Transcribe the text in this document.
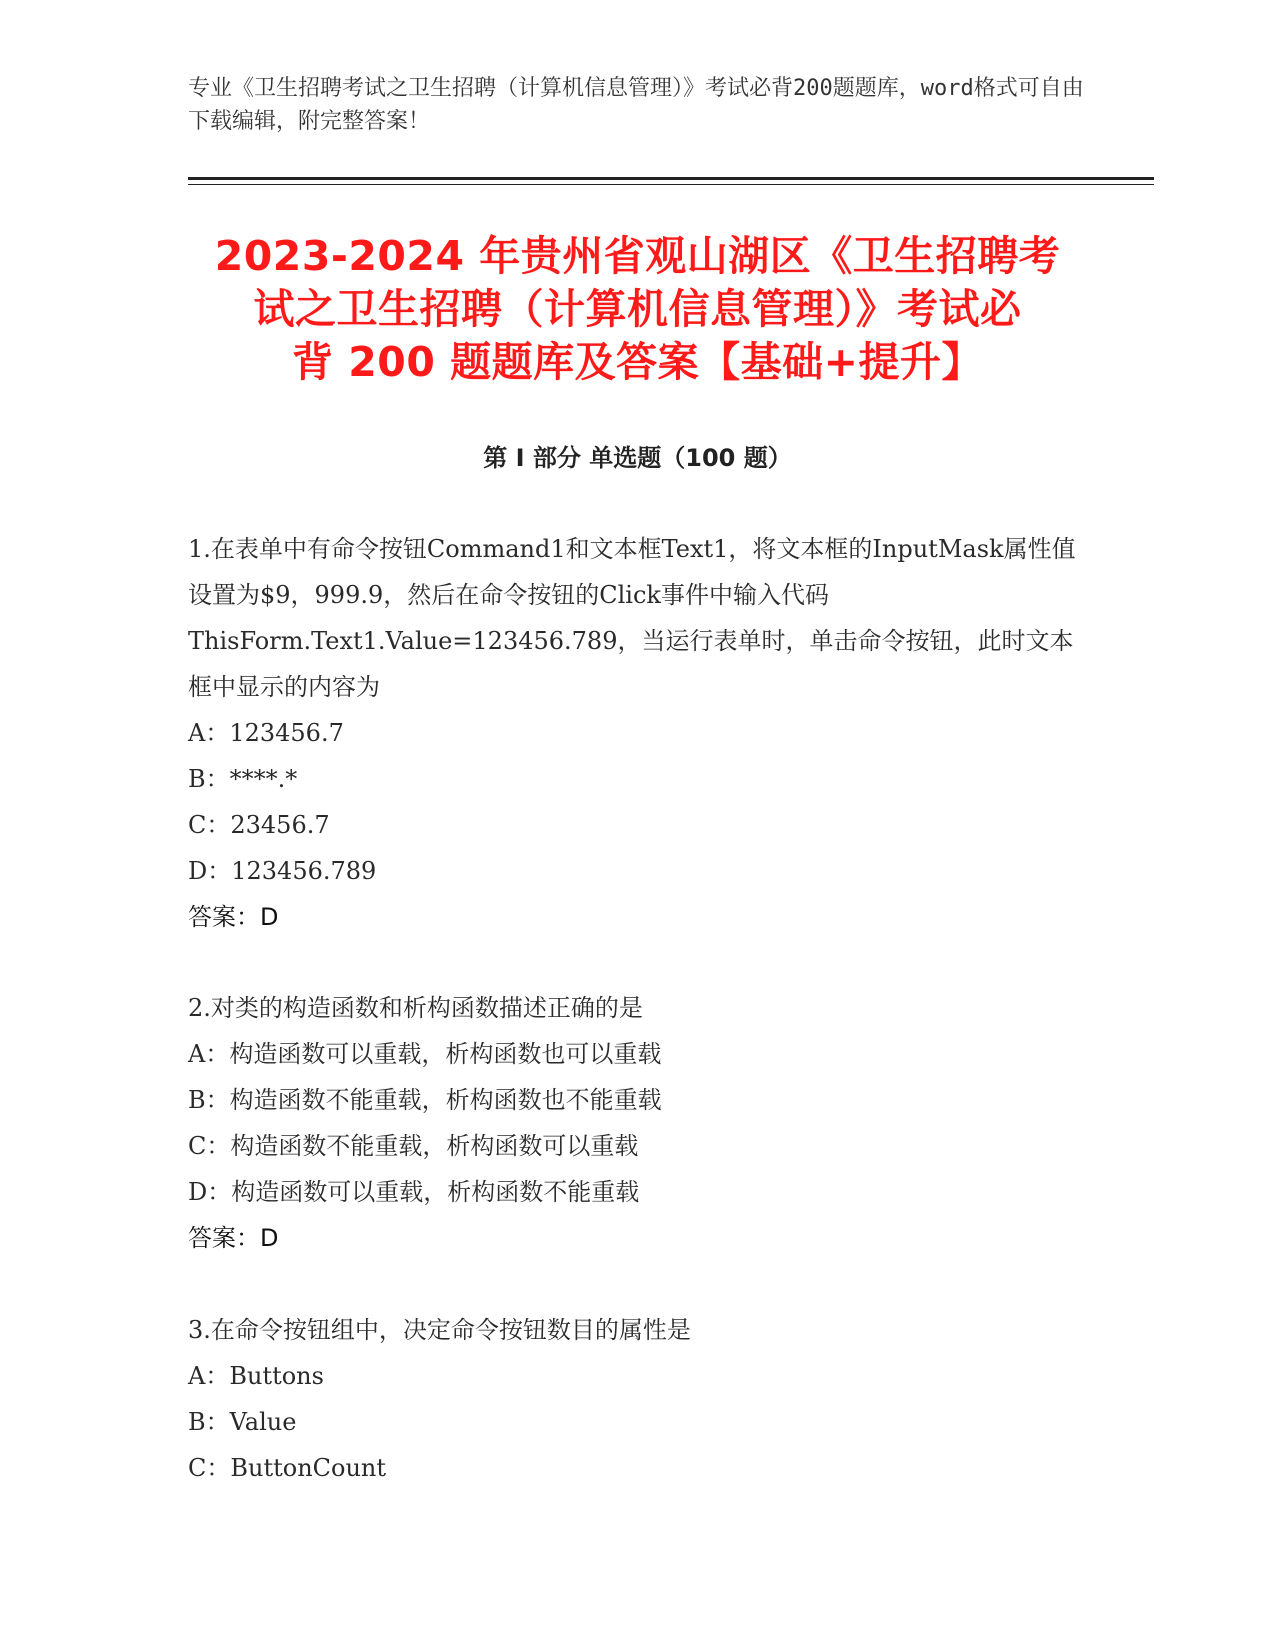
专业《卫生招聘考试之卫生招聘（计算机信息管理）》考试必背200题题库，word格式可自由下载编辑，附完整答案！
2023-2024 年贵州省观山湖区《卫生招聘考
试之卫生招聘（计算机信息管理）》考试必
背 200 题题库及答案【基础+提升】
第 I 部分 单选题（100 题）
1.在表单中有命令按钮Command1和文本框Text1，将文本框的InputMask属性值设置为$9，999.9，然后在命令按钮的Click事件中输入代码ThisForm.Text1.Value=123456.789，当运行表单时，单击命令按钮，此时文本框中显示的内容为
A：123456.7
B：****.*
C：23456.7
D：123456.789
答案：D
2.对类的构造函数和析构函数描述正确的是
A：构造函数可以重载，析构函数也可以重载
B：构造函数不能重载，析构函数也不能重载
C：构造函数不能重载，析构函数可以重载
D：构造函数可以重载，析构函数不能重载
答案：D
3.在命令按钮组中，决定命令按钮数目的属性是
A：Buttons
B：Value
C：ButtonCount
